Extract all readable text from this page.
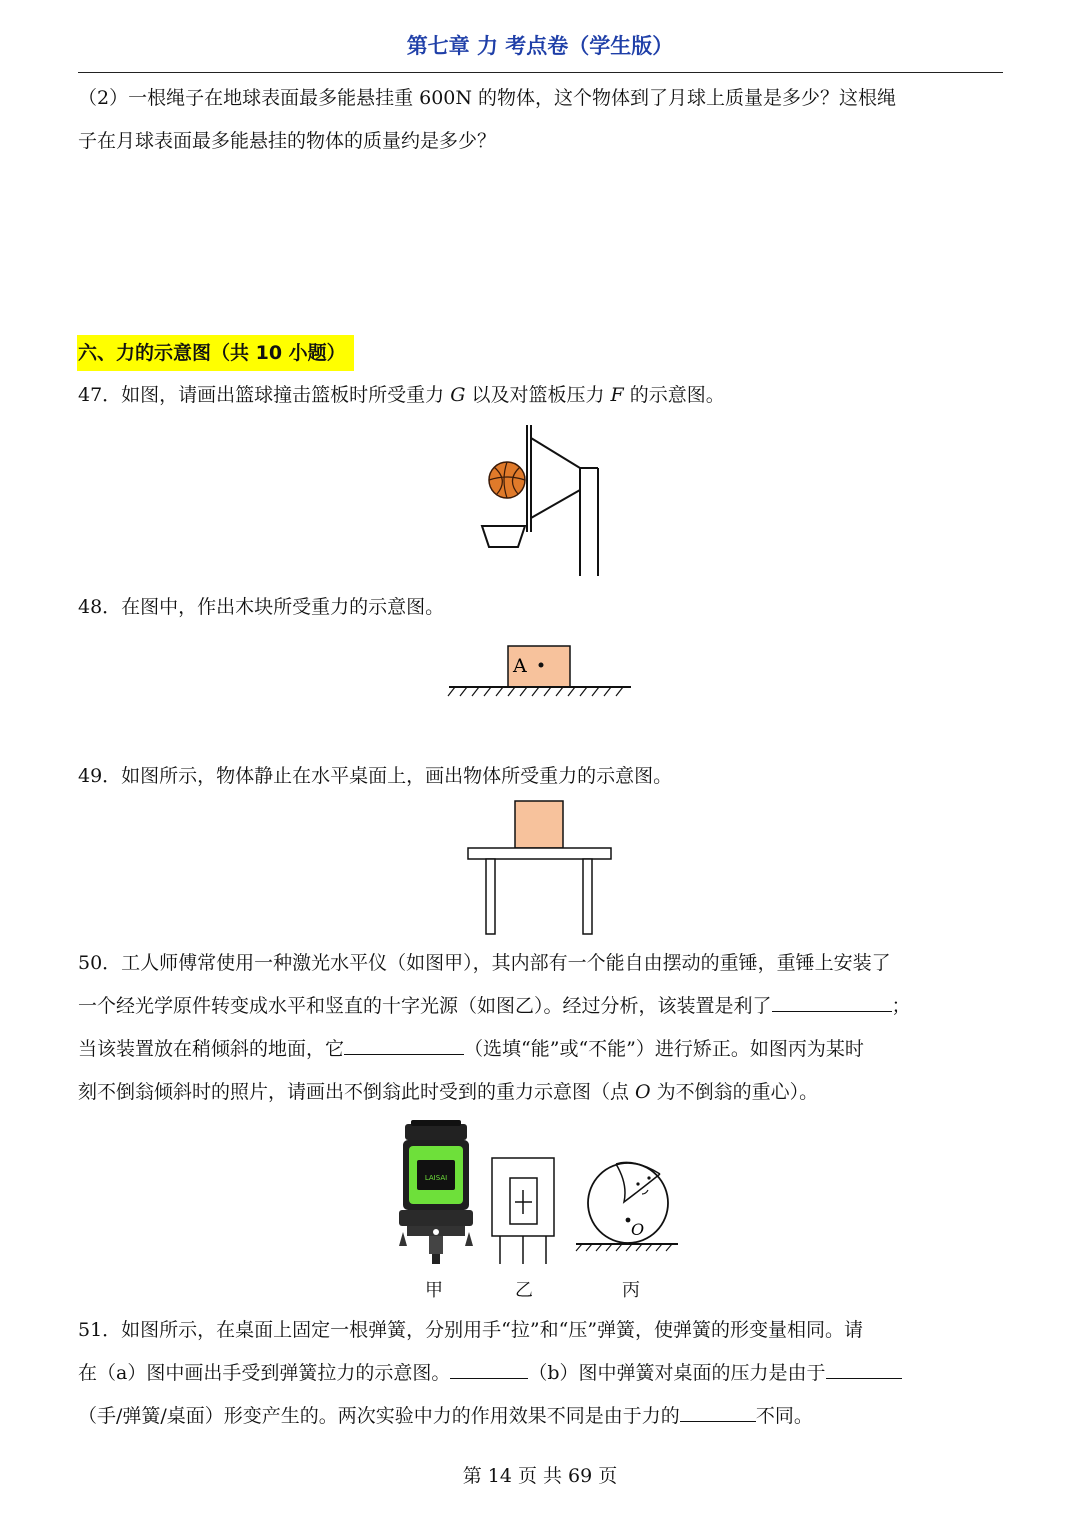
第七章 力 考点卷（学生版）
（2）一根绳子在地球表面最多能悬挂重 600N 的物体，这个物体到了月球上质量是多少？这根绳
子在月球表面最多能悬挂的物体的质量约是多少？
六、力的示意图（共 10 小题）
47．如图，请画出篮球撞击篮板时所受重力 G 以及对篮板压力 F 的示意图。
48．在图中，作出木块所受重力的示意图。
A
49．如图所示，物体静止在水平桌面上，画出物体所受重力的示意图。
50．工人师傅常使用一种激光水平仪（如图甲），其内部有一个能自由摆动的重锤，重锤上安装了
一个经光学原件转变成水平和竖直的十字光源（如图乙）。经过分析，该装置是利了	；
当该装置放在稍倾斜的地面，它	（选填“能”或“不能”）进行矫正。如图丙为某时
刻不倒翁倾斜时的照片，请画出不倒翁此时受到的重力示意图（点 O 为不倒翁的重心）。
LAISAI
O
甲	乙	丙
51．如图所示，在桌面上固定一根弹簧，分别用手“拉”和“压”弹簧，使弹簧的形变量相同。请
在（a）图中画出手受到弹簧拉力的示意图。	（b）图中弹簧对桌面的压力是由于
（手/弹簧/桌面）形变产生的。两次实验中力的作用效果不同是由于力的	不同。
第 14 页 共 69 页
